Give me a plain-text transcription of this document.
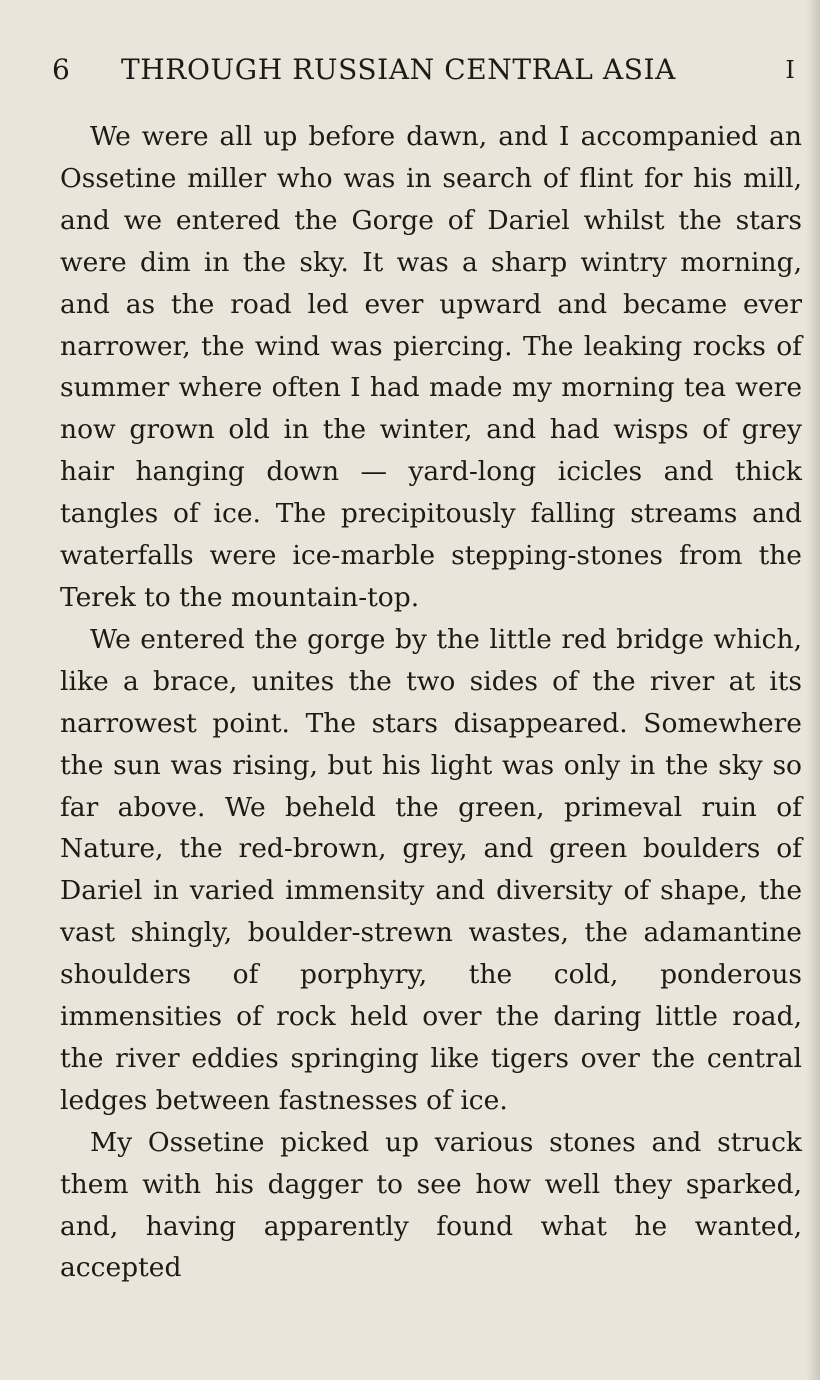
6 THROUGH RUSSIAN CENTRAL ASIA	I

We were all up before dawn, and I accompanied an Ossetine miller who was in search of flint for his mill, and we entered the Gorge of Dariel whilst the stars were dim in the sky. It was a sharp wintry morning, and as the road led ever upward and became ever narrower, the wind was piercing. The leaking rocks of summer where often I had made my morning tea were now grown old in the winter, and had wisps of grey hair hanging down — yard-long icicles and thick tangles of ice. The precipitously falling streams and waterfalls were ice-marble stepping-stones from the Terek to the mountain-top.

We entered the gorge by the little red bridge which, like a brace, unites the two sides of the river at its narrowest point. The stars disappeared. Somewhere the sun was rising, but his light was only in the sky so far above. We beheld the green, primeval ruin of Nature, the red-brown, grey, and green boulders of Dariel in varied immensity and diversity of shape, the vast shingly, boulder-strewn wastes, the adamantine shoulders of porphyry, the cold, ponderous immensities of rock held over the daring little road, the river eddies springing like tigers over the central ledges between fastnesses of ice.

My Ossetine picked up various stones and struck them with his dagger to see how well they sparked, and, having apparently found what he wanted, accepted
